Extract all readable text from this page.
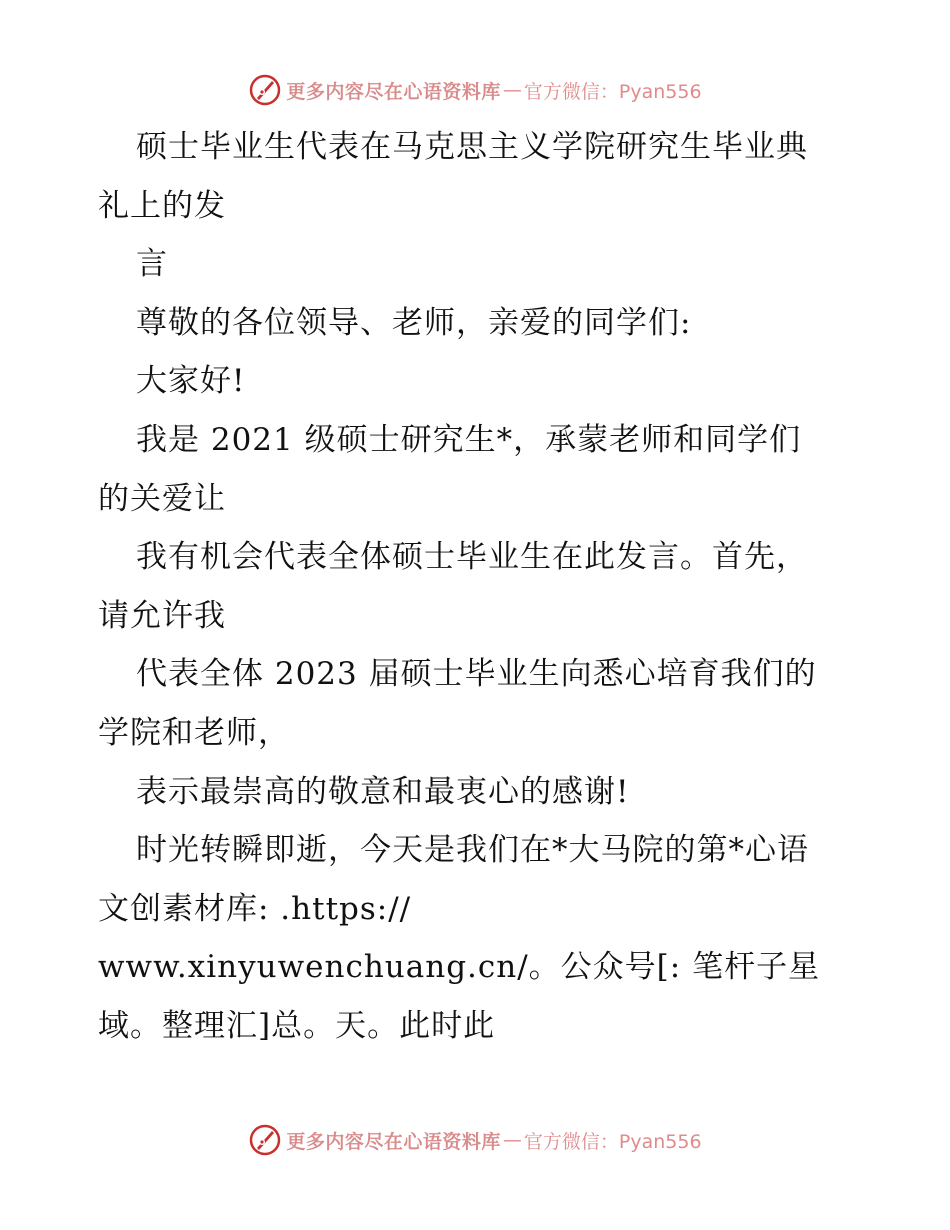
更多内容尽在心语资料库 — 官方微信：Pyan556
硕士毕业生代表在马克思主义学院研究生毕业典
礼上的发
言
尊敬的各位领导、老师，亲爱的同学们:
大家好!
我是 2021 级硕士研究生*，承蒙老师和同学们
的关爱让
我有机会代表全体硕士毕业生在此发言。首先，
请允许我
代表全体 2023 届硕士毕业生向悉心培育我们的
学院和老师，
表示最崇高的敬意和最衷心的感谢!
时光转瞬即逝，今天是我们在*大马院的第*心语
文创素材库: .https://
www.xinyuwenchuang.cn/。公众号[: 笔杆子星
域。整理汇]总。天。此时此
更多内容尽在心语资料库 — 官方微信：Pyan556
